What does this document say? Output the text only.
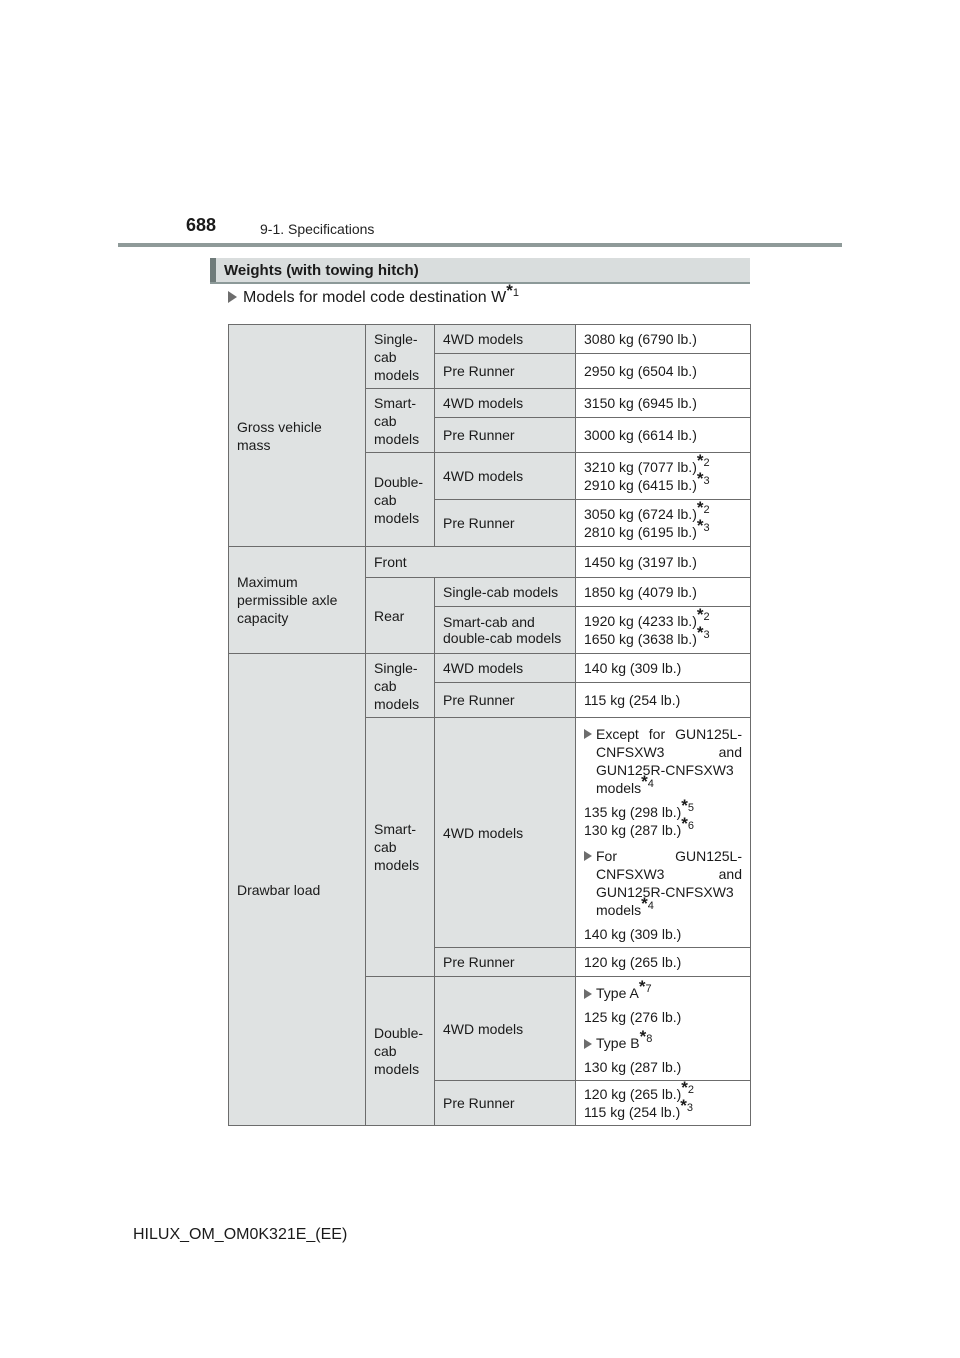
688	9-1. Specifications
Weights (with towing hitch)
Models for model code destination $W^{*1}$
Gross vehicle mass	Single-cab models	4WD models	3080 kg (6790 lb.)
		Pre Runner	2950 kg (6504 lb.)
	Smart-cab models	4WD models	3150 kg (6945 lb.)
		Pre Runner	3000 kg (6614 lb.)
	Double-cab models	4WD models	3210 kg (7077 lb.)$^{*2}$
2910 kg (6415 lb.)$^{*3}$

		Pre Runner	3050 kg (6724 lb.)$^{*2}$
2810 kg (6195 lb.)$^{*3}$

Maximum permissible axle capacity	Front		1450 kg (3197 lb.)
	Rear	Single-cab models	1850 kg (4079 lb.)
		Smart-cab and double-cab models	1920 kg (4233 lb.)$^{*2}$
1650 kg (3638 lb.)$^{*3}$

Drawbar load	Single-cab models	4WD models	140 kg (309 lb.)
		Pre Runner	115 kg (254 lb.)
	Smart-cab models	4WD models	Except for GUN125L-CNFSXW3 and GUN125R-CNFSXW3 models$^{*4}$
135 kg (298 lb.)$^{*5}$
130 kg (287 lb.)$^{*6}$
For GUN125L-CNFSXW3 and GUN125R-CNFSXW3 models$^{*4}$
140 kg (309 lb.)

		Pre Runner	120 kg (265 lb.)
	Double-cab models	4WD models	Type $A^{*7}$
125 kg (276 lb.)
Type $B^{*8}$
130 kg (287 lb.)

		Pre Runner	120 kg (265 lb.)$^{*2}$
115 kg (254 lb.)$^{*3}$
HILUX_OM_OM0K321E_(EE)
